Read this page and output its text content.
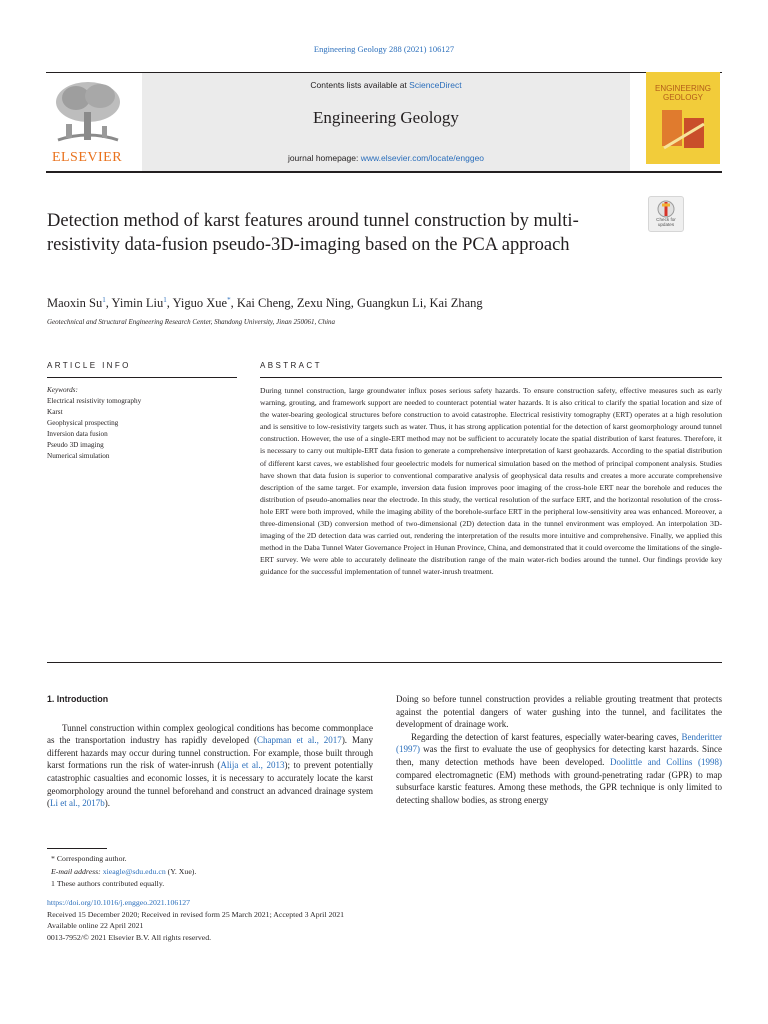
Engineering Geology 288 (2021) 106127
Contents lists available at ScienceDirect
Engineering Geology
journal homepage: www.elsevier.com/locate/enggeo
ELSEVIER
ENGINEERING
GEOLOGY
Check for
updates
Detection method of karst features around tunnel construction by multi-resistivity data-fusion pseudo-3D-imaging based on the PCA approach
Maoxin Su$^1$, Yimin Liu$^1$, Yiguo Xue*, Kai Cheng, Zexu Ning, Guangkun Li, Kai Zhang
Geotechnical and Structural Engineering Research Center, Shandong University, Jinan 250061, China
ARTICLE INFO	ABSTRACT
Keywords:
Electrical resistivity tomography
Karst
Geophysical prospecting
Inversion data fusion
Pseudo 3D imaging
Numerical simulation
During tunnel construction, large groundwater influx poses serious safety hazards. To ensure construction safety, effective measures such as early warning, grouting, and framework support are needed to counteract potential water hazards. It is also critical to clarify the spatial location and size of the water-bearing geological structures before construction to avoid catastrophe. Electrical resistivity tomography (ERT) operates at a high resolution and is sensitive to low-resistivity targets such as water. Thus, it has strong application potential for the detection of karst geomorphology around tunnel construction. However, the use of a single-ERT method may not be sufficient to accurately locate the spatial distribution of karst features. Therefore, it is necessary to carry out multiple-ERT data fusion to generate a comprehensive interpretation of karst geohazards. According to the spatial distribution of different karst caves, we established four geoelectric models for numerical simulation based on the method of principal component analysis. Studies have shown that data fusion is superior to conventional comparative analysis of geophysical data results and creates a more accurate comprehensive description of the same target. For example, inversion data fusion improves poor imaging of the cross-hole ERT near the borehole and reduces the distribution of pseudo-anomalies near the electrode. In this study, the vertical resolution of the surface ERT, and the horizontal resolution of the cross-hole ERT were both improved, while the imaging ability of the borehole-surface ERT in the peripheral low-sensitivity area was enhanced. Moreover, a three-dimensional (3D) conversion method of two-dimensional (2D) detection data in the tunnel environment was employed. An interpolation 3D-imaging of the 2D detection data was carried out, rendering the interpretation of the results more intuitive and comprehensive. Finally, we applied this method in the Daba Tunnel Water Governance Project in Hunan Province, China, and demonstrated that it could overcome the limitations of the single-ERT survey. We were able to accurately delineate the distribution range of the main water-rich bodies around the tunnel. Our findings provide key guidance for the successful implementation of tunnel water-inrush treatment.
1. Introduction

Tunnel construction within complex geological conditions has become commonplace as the transportation industry has rapidly developed (Chapman et al., 2017). Many different hazards may occur during tunnel construction. For example, those built through karst formations run the risk of water-inrush (Alija et al., 2013); to prevent potentially catastrophic casualties and economic losses, it is necessary to accurately locate the karst geomorphology around the tunnel beforehand and construct an advanced drainage system (Li et al., 2017b).

Doing so before tunnel construction provides a reliable grouting treatment that protects against the potential dangers of water gushing into the tunnel, and facilitates the development of drainage work.

Regarding the detection of karst features, especially water-bearing caves, Benderitter (1997) was the first to evaluate the use of geophysics for detecting karst hazards. Since then, many detection methods have been developed. Doolittle and Collins (1998) compared electromagnetic (EM) methods with ground-penetrating radar (GPR) to map subsurface karstic features. Among these methods, the GPR technique is only limited to detecting shallow bodies, as strong energy

* Corresponding author.
E-mail address: xieagle@sdu.edu.cn (Y. Xue).
1 These authors contributed equally.
https://doi.org/10.1016/j.enggeo.2021.106127
Received 15 December 2020; Received in revised form 25 March 2021; Accepted 3 April 2021
Available online 22 April 2021
0013-7952/© 2021 Elsevier B.V. All rights reserved.
